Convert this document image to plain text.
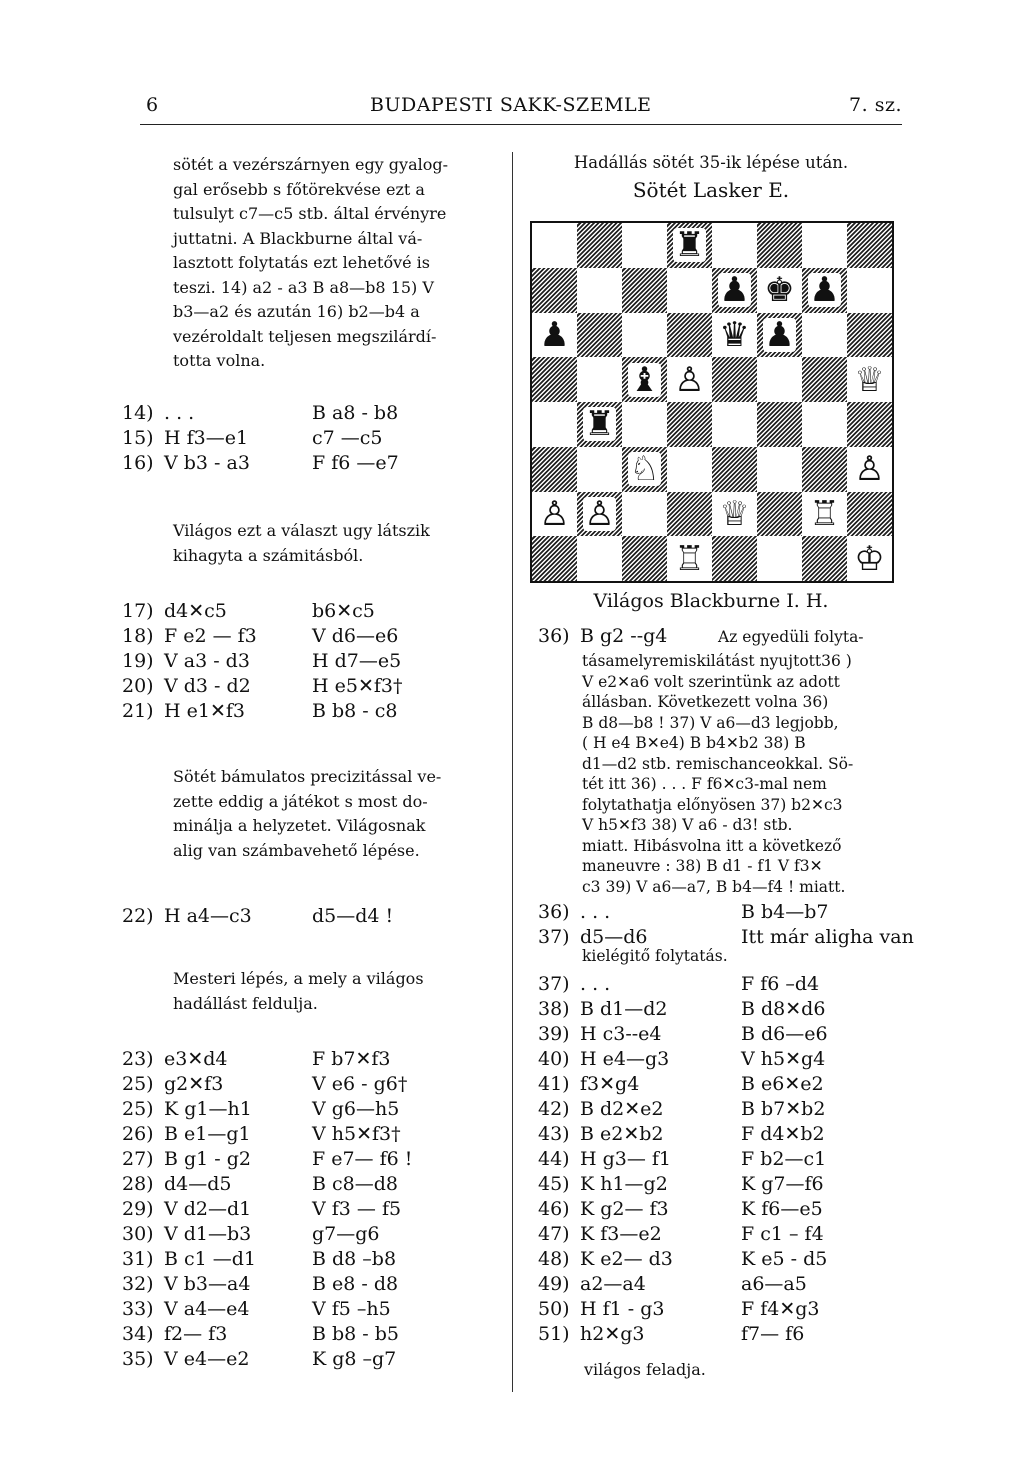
6	BUDAPESTI SAKK-SZEMLE	7. sz.
sötét a vezérszárnyen egy gyalog-
gal erősebb s főtörekvése ezt a
tulsulyt c7—c5 stb. által érvényre
juttatni. A Blackburne által vá-
lasztott folytatás ezt lehetővé is
teszi. 14) a2 - a3 B a8—b8 15) V
b3—a2 és azután 16) b2—b4 a
vezéroldalt teljesen megszilárdí-
totta volna.
14) . . .	B a8 - b8
15) H f3—e1	c7 —c5
16) V b3 - a3	F f6 —e7
Világos ezt a választ ugy látszik
kihagyta a számitásból.
17) d4✕c5	b6✕c5
18) F e2 — f3	V d6—e6
19) V a3 - d3	H d7—e5
20) V d3 - d2	H e5✕f3†
21) H e1✕f3	B b8 - c8
Sötét bámulatos precizitással ve-
zette eddig a játékot s most do-
minálja a helyzetet. Világosnak
alig van számbavehető lépése.
22) H a4—c3	d5—d4 !
Mesteri lépés, a mely a világos
hadállást feldulja.
23) e3✕d4	F b7✕f3
25) g2✕f3	V e6 - g6†
25) K g1—h1	V g6—h5
26) B e1—g1	V h5✕f3†
27) B g1 - g2	F e7— f6 !
28) d4—d5	B c8—d8
29) V d2—d1	V f3 — f5
30) V d1—b3	g7—g6
31) B c1 —d1	B d8 –b8
32) V b3—a4	B e8 - d8
33) V a4—e4	V f5 –h5
34) f2— f3	B b8 - b5
35) V e4—e2	K g8 –g7
Hadállás sötét 35-ik lépése után.
Sötét Lasker E.
♜
♟ ♚ ♟
♟	♛ ♟
♝ ♙	♕
♜
♘	♙
♙ ♙	♕ ♖
♖	♔
Világos Blackburne I. H.
36) B g2 --g4	Az egyedüli folyta-
tásamelyremiskilátást nyujtott36 )
V e2✕a6 volt szerintünk az adott
állásban. Következett volna 36)
B d8—b8 ! 37) V a6—d3 legjobb,
( H e4 B✕e4) B b4✕b2 38) B
d1—d2 stb. remischanceokkal. Sö-
tét itt 36) . . . F f6✕c3-mal nem
folytathatja előnyösen 37) b2✕c3
V h5✕f3 38) V a6 - d3! stb.
miatt. Hibásvolna itt a következő
maneuvre : 38) B d1 - f1 V f3✕
c3 39) V a6—a7, B b4—f4 ! miatt.
36) . . .	B b4—b7
37) d5—d6	Itt már aligha van
kielégitő folytatás.
37) . . .	F f6 –d4
38) B d1—d2	B d8✕d6
39) H c3--e4	B d6—e6
40) H e4—g3	V h5✕g4
41) f3✕g4	B e6✕e2
42) B d2✕e2	B b7✕b2
43) B e2✕b2	F d4✕b2
44) H g3— f1	F b2—c1
45) K h1—g2	K g7—f6
46) K g2— f3	K f6—e5
47) K f3—e2	F c1 – f4
48) K e2— d3	K e5 - d5
49) a2—a4	a6—a5
50) H f1 - g3	F f4✕g3
51) h2✕g3	f7— f6
világos feladja.
